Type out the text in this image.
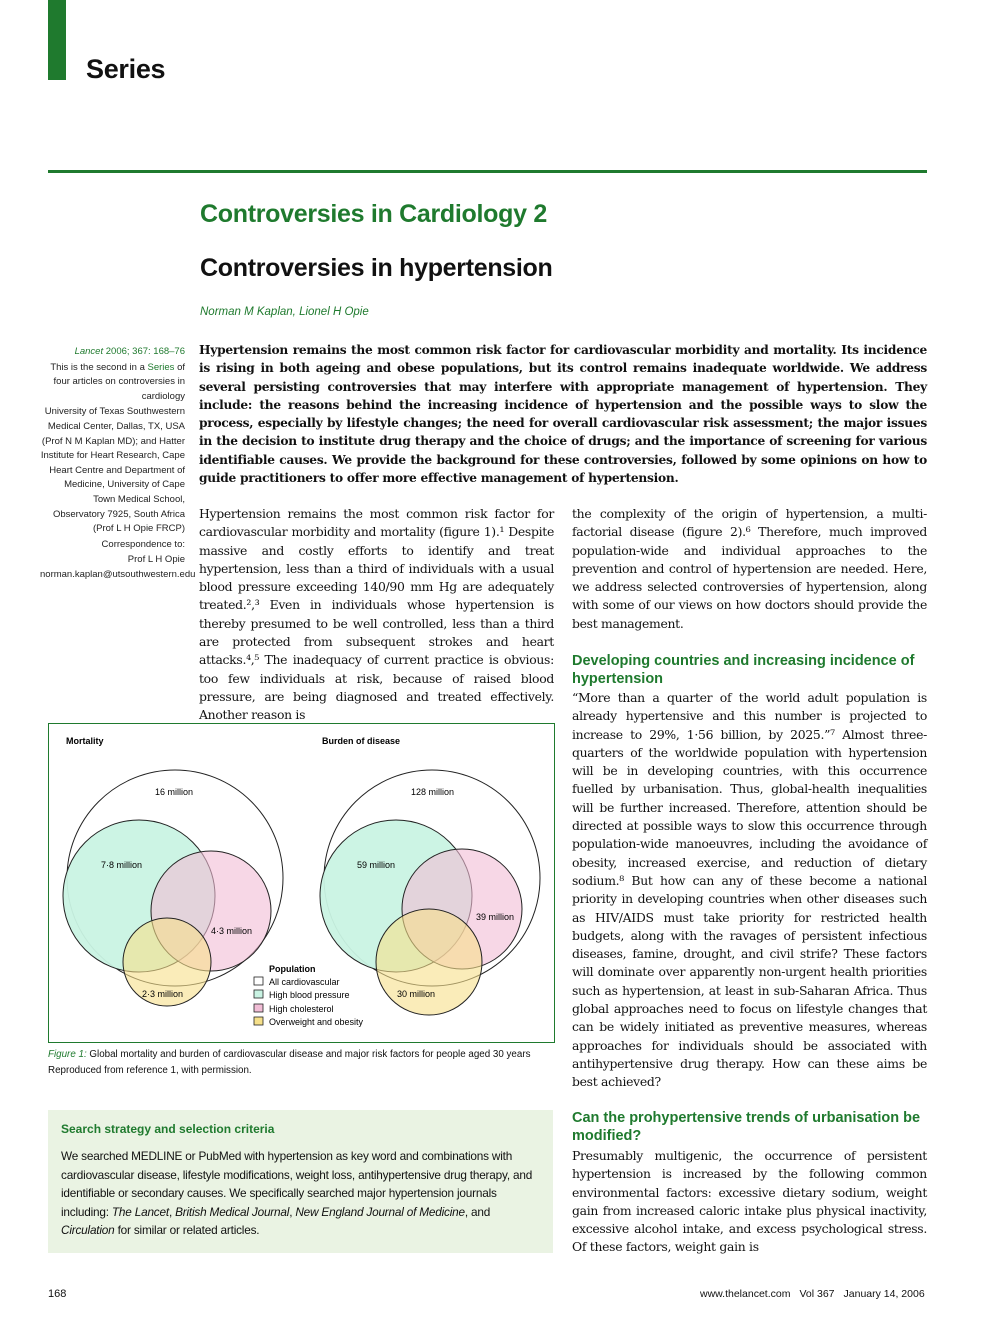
Series
Controversies in Cardiology 2
Controversies in hypertension
Norman M Kaplan, Lionel H Opie

Lancet 2006; 367: 168–76

This is the second in a Series of four articles on controversies in cardiology

University of Texas Southwestern Medical Center, Dallas, TX, USA (Prof N M Kaplan MD); and Hatter Institute for Heart Research, Cape Heart Centre and Department of Medicine, University of Cape Town Medical School, Observatory 7925, South Africa (Prof L H Opie FRCP)

Correspondence to:

Prof L H Opie

norman.kaplan@utsouthwestern.edu

Hypertension remains the most common risk factor for cardiovascular morbidity and mortality. Its incidence is rising in both ageing and obese populations, but its control remains inadequate worldwide. We address several persisting controversies that may interfere with appropriate management of hypertension. They include: the reasons behind the increasing incidence of hypertension and the possible ways to slow the process, especially by lifestyle changes; the need for overall cardiovascular risk assessment; the major issues in the decision to institute drug therapy and the choice of drugs; and the importance of screening for various identifiable causes. We provide the background for these controversies, followed by some opinions on how to guide practitioners to offer more effective management of hypertension.

Hypertension remains the most common risk factor for cardiovascular morbidity and mortality (figure 1).¹ Despite massive and costly efforts to identify and treat hypertension, less than a third of individuals with a usual blood pressure exceeding 140/90 mm Hg are adequately treated.²,³ Even in individuals whose hypertension is thereby presumed to be well controlled, less than a third are protected from subsequent strokes and heart attacks.⁴,⁵ The inadequacy of current practice is obvious: too few individuals at risk, because of raised blood pressure, are being diagnosed and treated effectively. Another reason is

the complexity of the origin of hypertension, a multi-factorial disease (figure 2).⁶ Therefore, much improved population-wide and individual approaches to the prevention and control of hypertension are needed. Here, we address selected controversies of hypertension, along with some of our views on how doctors should provide the best management.

Developing countries and increasing incidence of hypertension

“More than a quarter of the world adult population is already hypertensive and this number is projected to increase to 29%, 1·56 billion, by 2025.”⁷ Almost three-quarters of the worldwide population with hypertension will be in developing countries, with this occurrence fuelled by urbanisation. Thus, global-health inequalities will be further increased. Therefore, attention should be directed at possible ways to slow this occurrence through population-wide manoeuvres, including the avoidance of obesity, increased exercise, and reduction of dietary sodium.⁸ But how can any of these become a national priority in developing countries when other diseases such as HIV/AIDS must take priority for restricted health budgets, along with the ravages of persistent infectious diseases, famine, drought, and civil strife? These factors will dominate over apparently non-urgent health priorities such as hypertension, at least in sub-Saharan Africa. Thus global approaches need to focus on lifestyle changes that can be widely initiated as preventive measures, whereas approaches for individuals should be associated with antihypertensive drug therapy. How can these aims be best achieved?

Can the prohypertensive trends of urbanisation be modified?

Presumably multigenic, the occurrence of persistent hypertension is increased by the following common environmental factors: excessive dietary sodium, weight gain from increased caloric intake plus physical inactivity, excessive alcohol intake, and excess psychological stress. Of these factors, weight gain is

Mortality
16 million
7·8 million
4·3 million
2·3 million
Burden of disease
128 million
59 million
39 million
30 million
Population
All cardiovascular
High blood pressure
High cholesterol
Overweight and obesity
Figure 1: Global mortality and burden of cardiovascular disease and major risk factors for people aged 30 years
Reproduced from reference 1, with permission.
Search strategy and selection criteria
We searched MEDLINE or PubMed with hypertension as key word and combinations with cardiovascular disease, lifestyle modifications, weight loss, antihypertensive drug therapy, and identifiable or secondary causes. We specifically searched major hypertension journals including: The Lancet, British Medical Journal, New England Journal of Medicine, and Circulation for similar or related articles.
168	www.thelancet.com Vol 367 January 14, 2006
